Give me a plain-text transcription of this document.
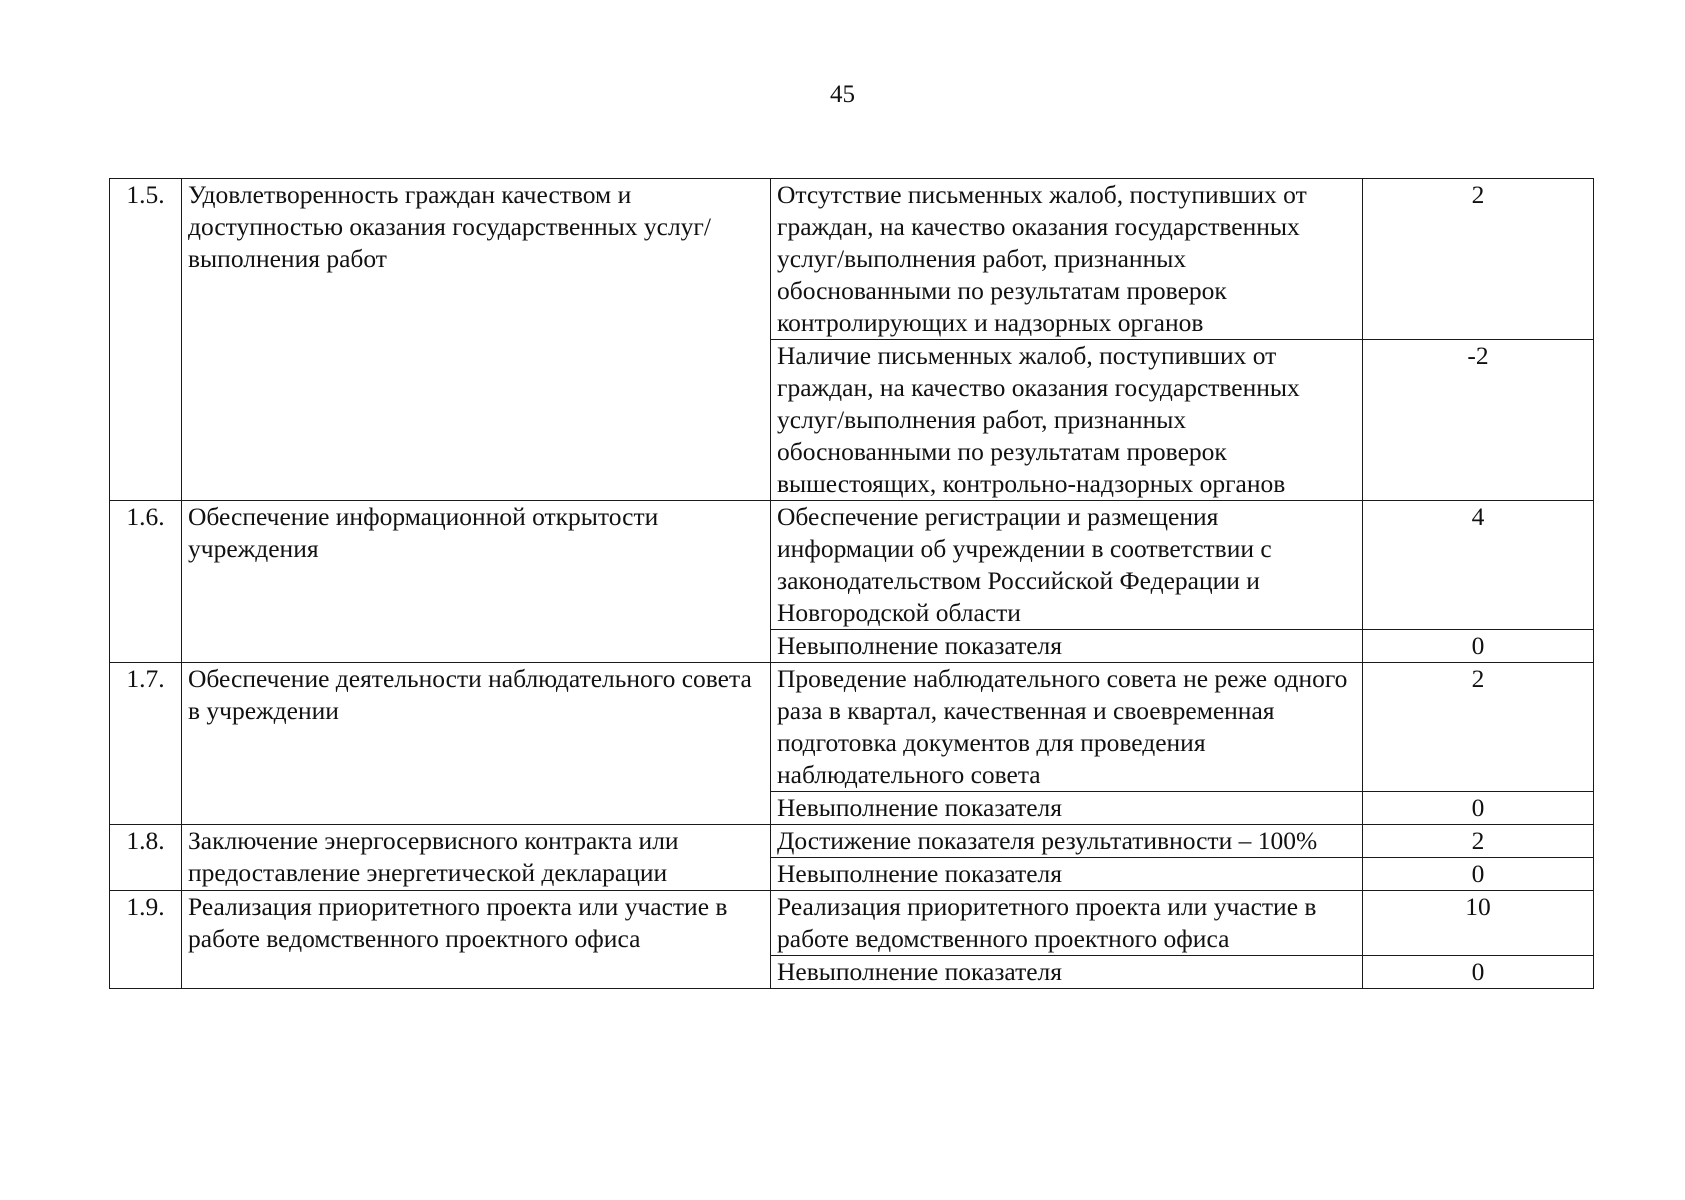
45
1.5.	Удовлетворенность граждан качеством и доступностью оказания государственных услуг/выполнения работ	Отсутствие письменных жалоб, поступивших от граждан, на качество оказания государственных услуг/выполнения работ, признанных обоснованными по результатам проверок контролирующих и надзорных органов	2
		Наличие письменных жалоб, поступивших от граждан, на качество оказания государственных услуг/выполнения работ, признанных обоснованными по результатам проверок вышестоящих, контрольно-надзорных органов	-2
1.6.	Обеспечение информационной открытости учреждения	Обеспечение регистрации и размещения информации об учреждении в соответствии с законодательством Российской Федерации и Новгородской области	4
		Невыполнение показателя	0
1.7.	Обеспечение деятельности наблюдательного совета в учреждении	Проведение наблюдательного совета не реже одного раза в квартал, качественная и своевременная подготовка документов для проведения наблюдательного совета	2
		Невыполнение показателя	0
1.8.	Заключение энергосервисного контракта или предоставление энергетической декларации	Достижение показателя результативности – 100%	2
		Невыполнение показателя	0
1.9.	Реализация приоритетного проекта или участие в работе ведомственного проектного офиса	Реализация приоритетного проекта или участие в работе ведомственного проектного офиса	10
		Невыполнение показателя	0
